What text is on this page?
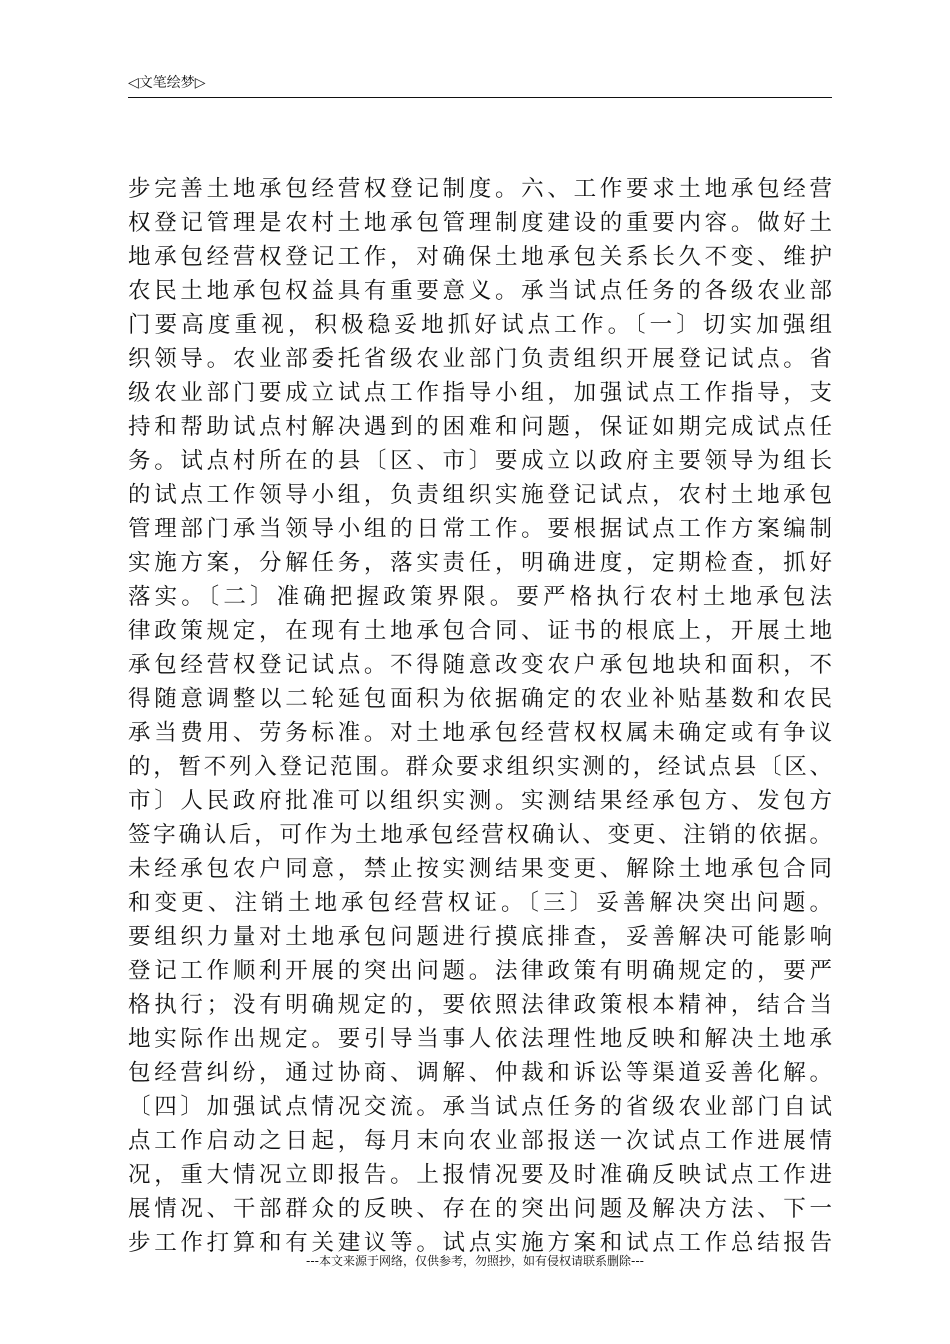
◁文笔绘梦▷
步完善土地承包经营权登记制度。六、工作要求土地承包经营
权登记管理是农村土地承包管理制度建设的重要内容。做好土
地承包经营权登记工作，对确保土地承包关系长久不变、维护
农民土地承包权益具有重要意义。承当试点任务的各级农业部
门要高度重视，积极稳妥地抓好试点工作。〔一〕切实加强组
织领导。农业部委托省级农业部门负责组织开展登记试点。省
级农业部门要成立试点工作指导小组，加强试点工作指导，支
持和帮助试点村解决遇到的困难和问题，保证如期完成试点任
务。试点村所在的县〔区、市〕要成立以政府主要领导为组长
的试点工作领导小组，负责组织实施登记试点，农村土地承包
管理部门承当领导小组的日常工作。要根据试点工作方案编制
实施方案，分解任务，落实责任，明确进度，定期检查，抓好
落实。〔二〕准确把握政策界限。要严格执行农村土地承包法
律政策规定，在现有土地承包合同、证书的根底上，开展土地
承包经营权登记试点。不得随意改变农户承包地块和面积，不
得随意调整以二轮延包面积为依据确定的农业补贴基数和农民
承当费用、劳务标准。对土地承包经营权权属未确定或有争议
的，暂不列入登记范围。群众要求组织实测的，经试点县〔区、
市〕人民政府批准可以组织实测。实测结果经承包方、发包方
签字确认后，可作为土地承包经营权确认、变更、注销的依据。
未经承包农户同意，禁止按实测结果变更、解除土地承包合同
和变更、注销土地承包经营权证。〔三〕妥善解决突出问题。
要组织力量对土地承包问题进行摸底排查，妥善解决可能影响
登记工作顺利开展的突出问题。法律政策有明确规定的，要严
格执行；没有明确规定的，要依照法律政策根本精神，结合当
地实际作出规定。要引导当事人依法理性地反映和解决土地承
包经营纠纷，通过协商、调解、仲裁和诉讼等渠道妥善化解。
〔四〕加强试点情况交流。承当试点任务的省级农业部门自试
点工作启动之日起，每月末向农业部报送一次试点工作进展情
况，重大情况立即报告。上报情况要及时准确反映试点工作进
展情况、干部群众的反映、存在的突出问题及解决方法、下一
步工作打算和有关建议等。试点实施方案和试点工作总结报告
---本文来源于网络，仅供参考，勿照抄，如有侵权请联系删除---
